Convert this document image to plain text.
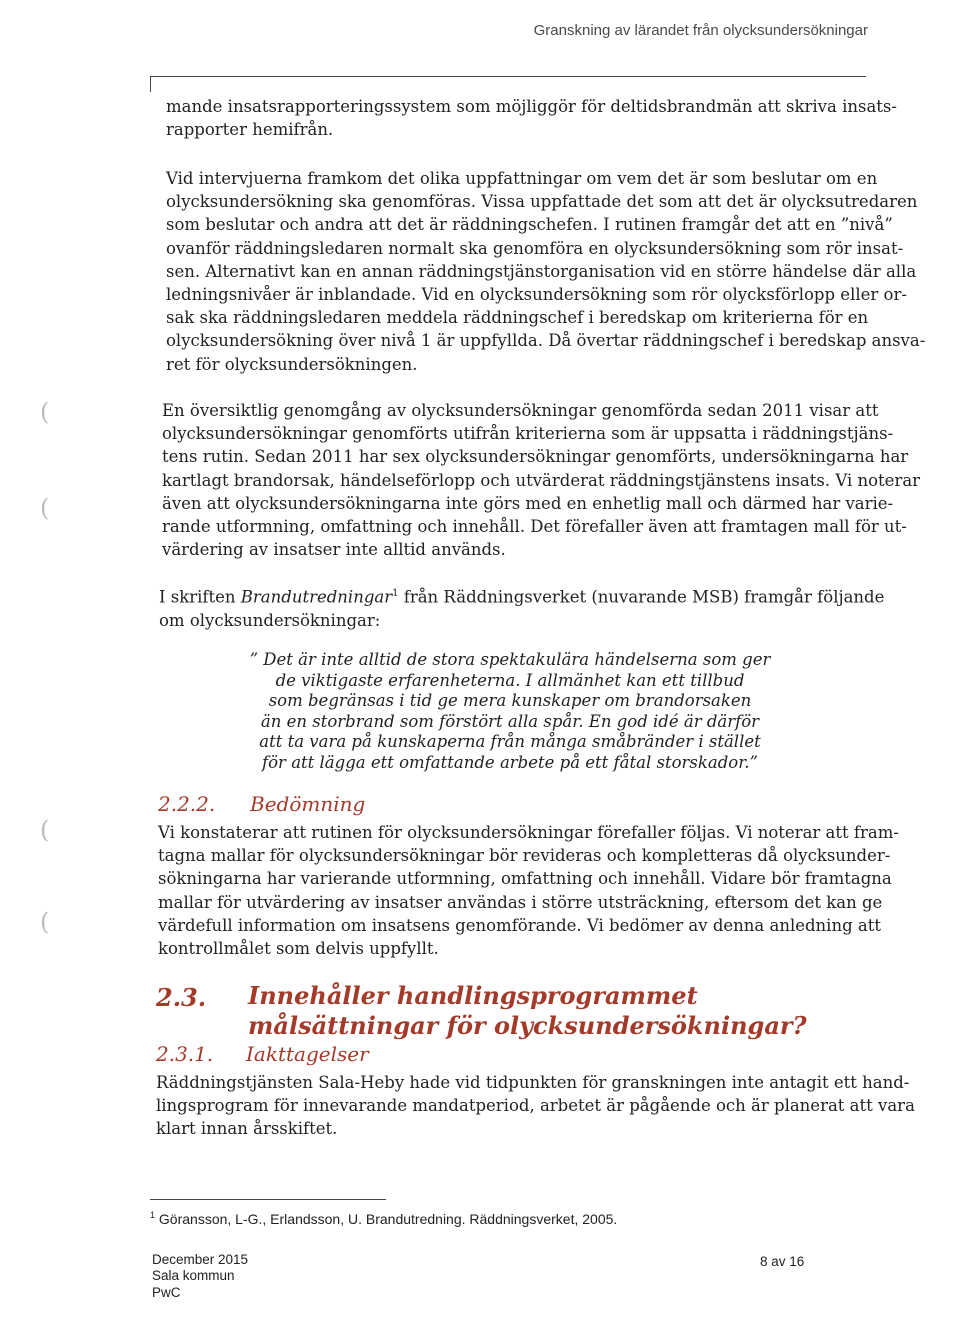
Granskning av lärandet från olycksundersökningar
(
(
(
(
mande insatsrapporteringssystem som möjliggör för deltidsbrandmän att skriva insats-
rapporter hemifrån.
Vid intervjuerna framkom det olika uppfattningar om vem det är som beslutar om en
olycksundersökning ska genomföras. Vissa uppfattade det som att det är olycksutredaren
som beslutar och andra att det är räddningschefen. I rutinen framgår det att en ”nivå”
ovanför räddningsledaren normalt ska genomföra en olycksundersökning som rör insat-
sen. Alternativt kan en annan räddningstjänstorganisation vid en större händelse där alla
ledningsnivåer är inblandade. Vid en olycksundersökning som rör olycksförlopp eller or-
sak ska räddningsledaren meddela räddningschef i beredskap om kriterierna för en
olycksundersökning över nivå 1 är uppfyllda. Då övertar räddningschef i beredskap ansva-
ret för olycksundersökningen.
En översiktlig genomgång av olycksundersökningar genomförda sedan 2011 visar att
olycksundersökningar genomförts utifrån kriterierna som är uppsatta i räddningstjäns-
tens rutin. Sedan 2011 har sex olycksundersökningar genomförts, undersökningarna har
kartlagt brandorsak, händelseförlopp och utvärderat räddningstjänstens insats. Vi noterar
även att olycksundersökningarna inte görs med en enhetlig mall och därmed har varie-
rande utformning, omfattning och innehåll. Det förefaller även att framtagen mall för ut-
värdering av insatser inte alltid används.
I skriften Brandutredningar$^1$ från Räddningsverket (nuvarande MSB) framgår följande
om olycksundersökningar:
” Det är inte alltid de stora spektakulära händelserna som ger
de viktigaste erfarenheterna. I allmänhet kan ett tillbud
som begränsas i tid ge mera kunskaper om brandorsaken
än en storbrand som förstört alla spår. En god idé är därför
att ta vara på kunskaperna från många småbränder i stället
för att lägga ett omfattande arbete på ett fåtal storskador.”
2.2.2. Bedömning
Vi konstaterar att rutinen för olycksundersökningar förefaller följas. Vi noterar att fram-
tagna mallar för olycksundersökningar bör revideras och kompletteras då olycksunder-
sökningarna har varierande utformning, omfattning och innehåll. Vidare bör framtagna
mallar för utvärdering av insatser användas i större utsträckning, eftersom det kan ge
värdefull information om insatsens genomförande. Vi bedömer av denna anledning att
kontrollmålet som delvis uppfyllt.
2.3. Innehåller handlingsprogrammet
målsättningar för olycksundersökningar?
2.3.1. Iakttagelser
Räddningstjänsten Sala-Heby hade vid tidpunkten för granskningen inte antagit ett hand-
lingsprogram för innevarande mandatperiod, arbetet är pågående och är planerat att vara
klart innan årsskiftet.
$^1$ Göransson, L-G., Erlandsson, U. Brandutredning. Räddningsverket, 2005.
December 2015
Sala kommun
PwC
8 av 16
